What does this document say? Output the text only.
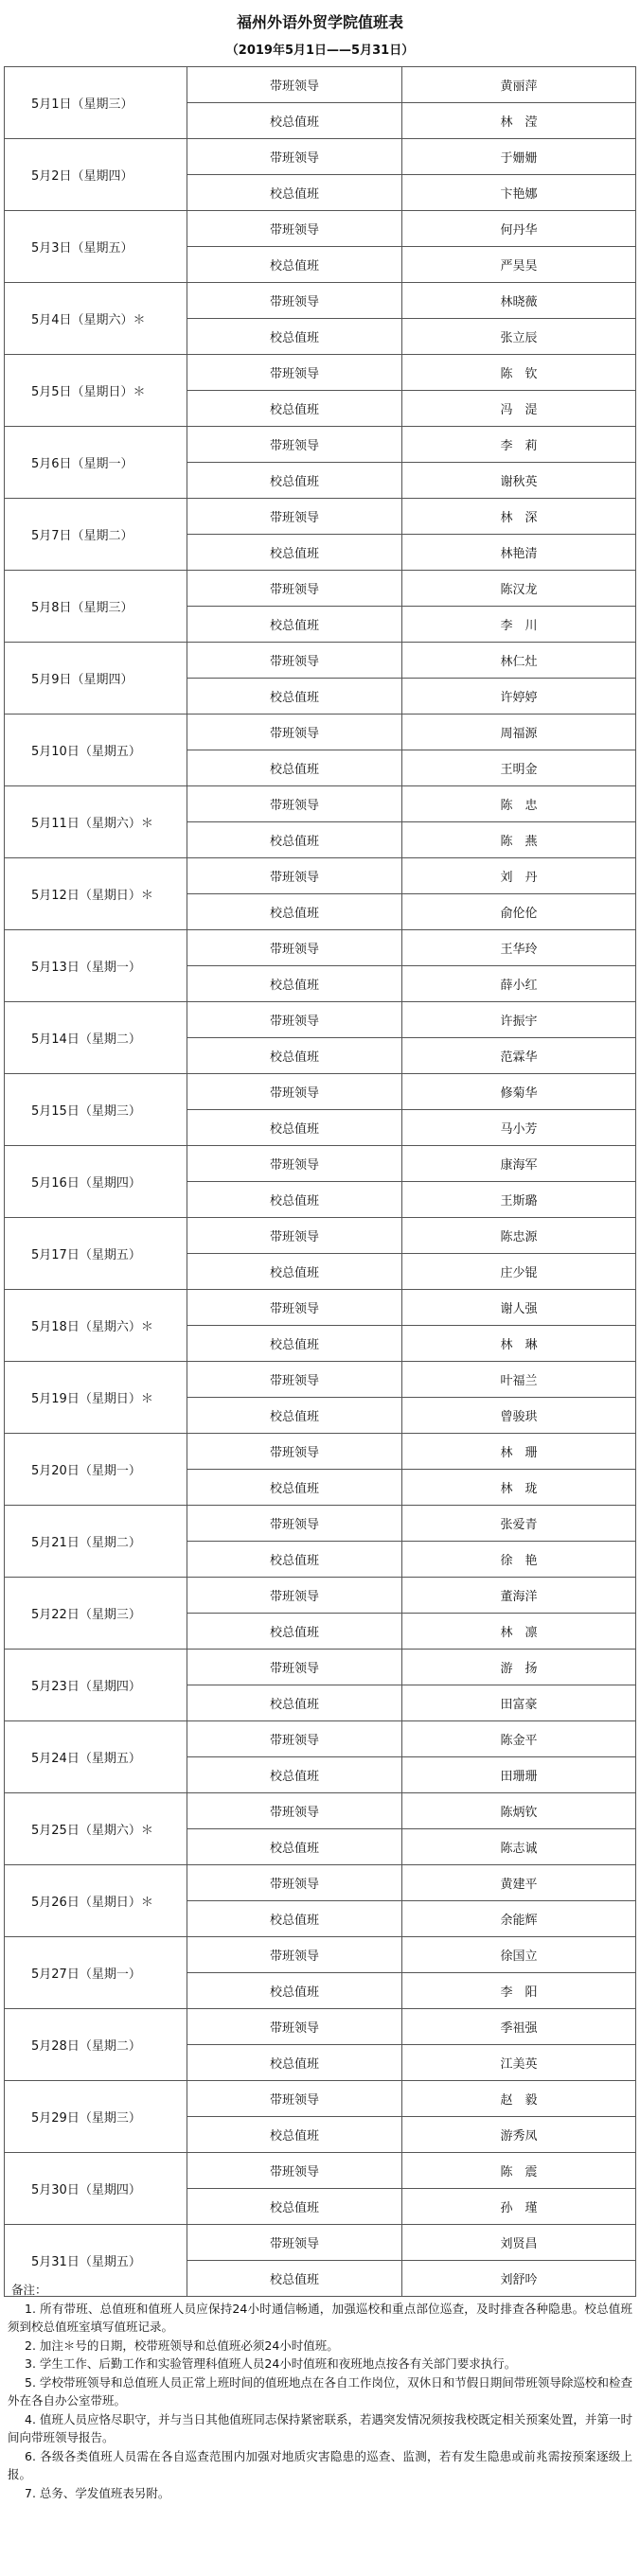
福州外语外贸学院值班表
（2019年5月1日——5月31日）
5月1日（星期三）	带班领导	黄丽萍
	校总值班	林　滢
5月2日（星期四）	带班领导	于姗姗
	校总值班	卞艳娜
5月3日（星期五）	带班领导	何丹华
	校总值班	严昊昊
5月4日（星期六）＊	带班领导	林晓薇
	校总值班	张立辰
5月5日（星期日）＊	带班领导	陈　钦
	校总值班	冯　湜
5月6日（星期一）	带班领导	李　莉
	校总值班	谢秋英
5月7日（星期二）	带班领导	林　深
	校总值班	林艳清
5月8日（星期三）	带班领导	陈汉龙
	校总值班	李　川
5月9日（星期四）	带班领导	林仁灶
	校总值班	许婷婷
5月10日（星期五）	带班领导	周福源
	校总值班	王明金
5月11日（星期六）＊	带班领导	陈　忠
	校总值班	陈　燕
5月12日（星期日）＊	带班领导	刘　丹
	校总值班	俞伦伦
5月13日（星期一）	带班领导	王华玲
	校总值班	薛小红
5月14日（星期二）	带班领导	许振宇
	校总值班	范霖华
5月15日（星期三）	带班领导	修菊华
	校总值班	马小芳
5月16日（星期四）	带班领导	康海军
	校总值班	王斯璐
5月17日（星期五）	带班领导	陈忠源
	校总值班	庄少锟
5月18日（星期六）＊	带班领导	谢人强
	校总值班	林　琳
5月19日（星期日）＊	带班领导	叶福兰
	校总值班	曾骏珙
5月20日（星期一）	带班领导	林　珊
	校总值班	林　珑
5月21日（星期二）	带班领导	张爱青
	校总值班	徐　艳
5月22日（星期三）	带班领导	董海洋
	校总值班	林　凛
5月23日（星期四）	带班领导	游　扬
	校总值班	田富豪
5月24日（星期五）	带班领导	陈金平
	校总值班	田珊珊
5月25日（星期六）＊	带班领导	陈炳钦
	校总值班	陈志诚
5月26日（星期日）＊	带班领导	黄建平
	校总值班	余能辉
5月27日（星期一）	带班领导	徐国立
	校总值班	李　阳
5月28日（星期二）	带班领导	季祖强
	校总值班	江美英
5月29日（星期三）	带班领导	赵　毅
	校总值班	游秀凤
5月30日（星期四）	带班领导	陈　震
	校总值班	孙　瑾
5月31日（星期五）	带班领导	刘贤昌
	校总值班	刘舒吟
备注：
1. 所有带班、总值班和值班人员应保持24小时通信畅通，加强巡校和重点部位巡查，及时排查各种隐患。校总值班须到校总值班室填写值班记录。
2. 加注＊号的日期，校带班领导和总值班必须24小时值班。
3. 学生工作、后勤工作和实验管理科值班人员24小时值班和夜班地点按各有关部门要求执行。
5. 学校带班领导和总值班人员正常上班时间的值班地点在各自工作岗位，双休日和节假日期间带班领导除巡校和检查外在各自办公室带班。
4. 值班人员应恪尽职守，并与当日其他值班同志保持紧密联系，若遇突发情况须按我校既定相关预案处置，并第一时间向带班领导报告。
6. 各级各类值班人员需在各自巡查范围内加强对地质灾害隐患的巡查、监测，若有发生隐患或前兆需按预案逐级上报。
7. 总务、学发值班表另附。
